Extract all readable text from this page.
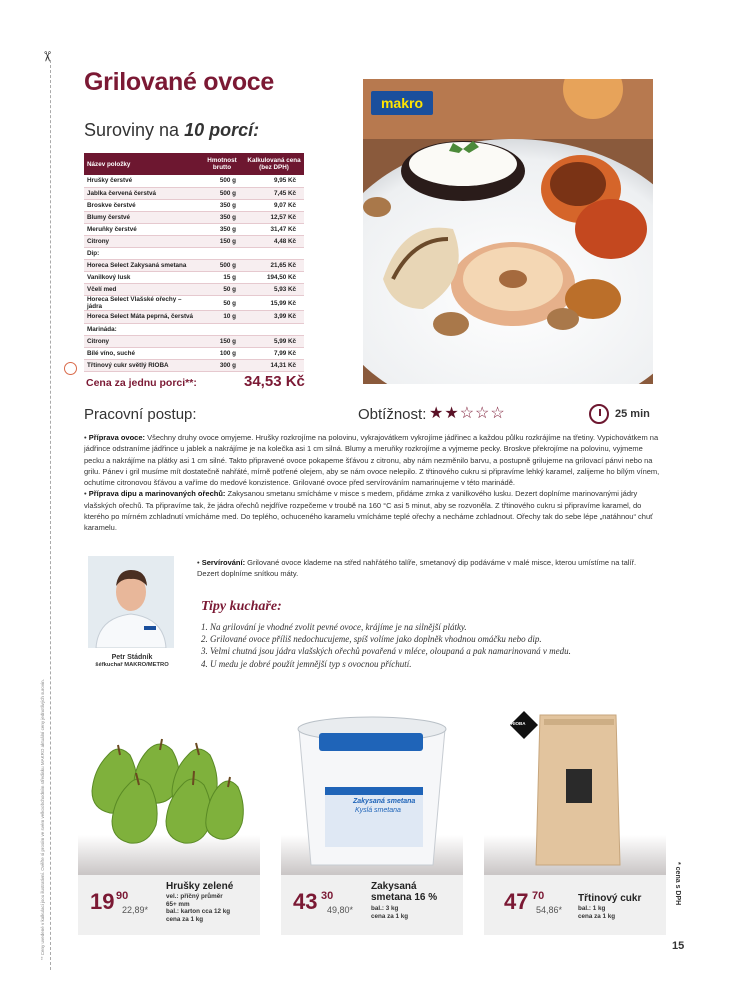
✂
** Ceny uvedené v kalkulaci jsou ilustrativní. Ověřte si prosím ve svém velkoobchodním středisku MAKRO aktuální ceny jednotlivých surovin.
Grilované ovoce
Suroviny na 10 porcí:
Název položky	Hmotnost brutto	Kalkulovaná cena (bez DPH)
Hrušky čerstvé	500 g	9,95 Kč
Jablka červená čerstvá	500 g	7,45 Kč
Broskve čerstvé	350 g	9,07 Kč
Blumy čerstvé	350 g	12,57 Kč
Meruňky čerstvé	350 g	31,47 Kč
Citrony	150 g	4,48 Kč
Dip:		
Horeca Select Zakysaná smetana	500 g	21,65 Kč
Vanilkový lusk	15 g	194,50 Kč
Včelí med	50 g	5,93 Kč
Horeca Select Vlašské ořechy – jádra	50 g	15,99 Kč
Horeca Select Máta peprná, čerstvá	10 g	3,99 Kč
Marináda:		
Citrony	150 g	5,99 Kč
Bílé víno, suché	100 g	7,99 Kč
Třtinový cukr světlý RIOBA	300 g	14,31 Kč
Cena za jednu porci**:	34,53 Kč
makro
Pracovní postup:	Obtížnost: ★★☆☆☆	25 min

• Příprava ovoce: Všechny druhy ovoce omyjeme. Hrušky rozkrojíme na polovinu, vykrajovátkem vykrojíme jádřinec a každou půlku rozkrájíme na třetiny. Vypichovátkem na jádřince odstraníme jádřince u jablek a nakrájíme je na kolečka asi 1 cm silná. Blumy a meruňky rozkrojíme a vyjmeme pecky. Broskve překrojíme na polovinu, vyjmeme pecku a nakrájíme na plátky asi 1 cm silné. Takto připravené ovoce pokapeme šťávou z citronu, aby nám nezměnilo barvu, a postupně grilujeme na grilovací pánvi nebo na grilu. Pánev i gril musíme mít dostatečně nahřáté, mírně potřené olejem, aby se nám ovoce nelepilo. Z třtinového cukru si připravíme lehký karamel, zalijeme ho bílým vínem, ochutíme citronovou šťávou a vaříme do medové konzistence. Grilované ovoce před servírováním namarinujeme v této marinádě.

• Příprava dipu a marinovaných ořechů: Zakysanou smetanu smícháme v misce s medem, přidáme zrnka z vanilkového lusku. Dezert doplníme marinovanými jádry vlašských ořechů. Ta připravíme tak, že jádra ořechů nejdříve rozpečeme v troubě na 160 °C asi 5 minut, aby se rozvoněla. Z třtinového cukru si připravíme karamel, do kterého po mírném zchladnutí vmícháme med. Do teplého, ochuceného karamelu vmícháme teplé ořechy a necháme zchladnout. Ořechy tak do sebe lépe „natáhnou“ chuť karamelu.

Petr Stádník
šéfkuchař MAKRO/METRO
• Servírování: Grilované ovoce klademe na střed nahřátého talíře, smetanový dip podáváme v malé misce, kterou umístíme na talíř. Dezert doplníme snítkou máty.
Tipy kuchaře:
1. Na grilování je vhodné zvolit pevné ovoce, krájíme je na silnější plátky.
2. Grilované ovoce příliš nedochucujeme, spíš volíme jako doplněk vhodnou omáčku nebo dip.
3. Velmi chutná jsou jádra vlašských ořechů povařená v mléce, oloupaná a pak namarinovaná v medu.
4. U medu je dobré použít jemnější typ s ovocnou příchutí.
19 90
22,89*
Hrušky zelené
vel.: příčný průměr
65+ mm
bal.: karton cca 12 kg
cena za 1 kg
Zakysaná smetana
Kyslá smetana
43 30
49,80*
Zakysaná
smetana 16 %
bal.: 3 kg
cena za 1 kg
RIOBA
47 70
54,86*
Třtinový cukr
bal.: 1 kg
cena za 1 kg
* cena s DPH
15
